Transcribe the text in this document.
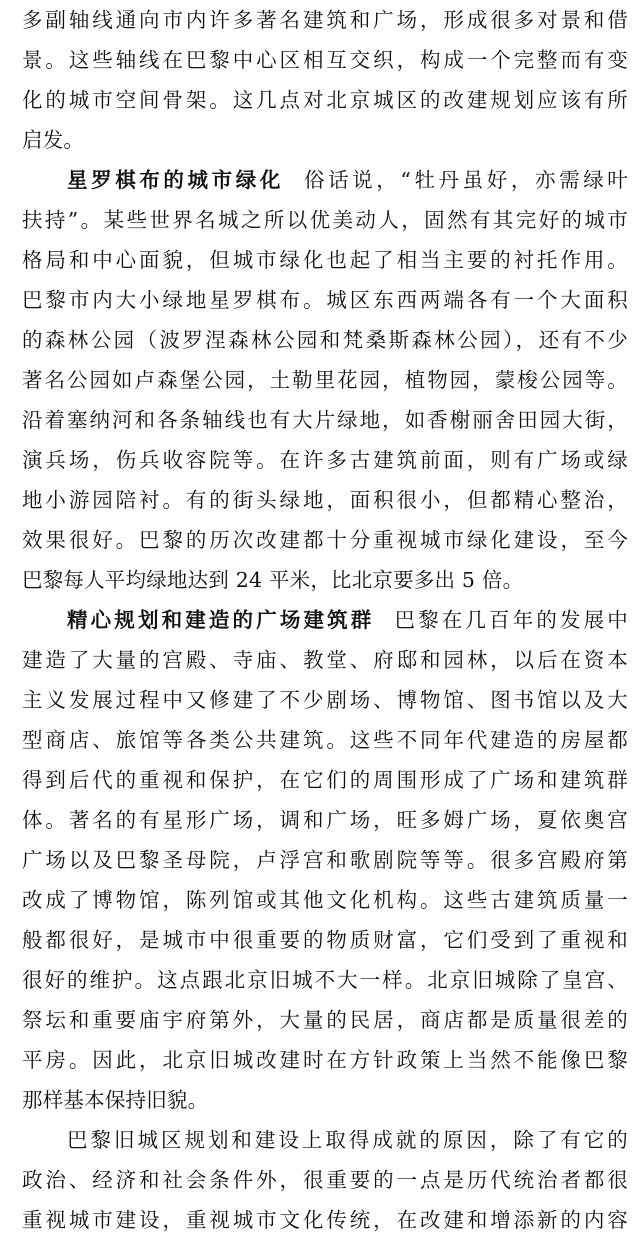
多副轴线通向市内许多著名建筑和广场，形成很多对景和借
景。这些轴线在巴黎中心区相互交织，构成一个完整而有变
化的城市空间骨架。这几点对北京城区的改建规划应该有所
启发。
星罗棋布的城市绿化 俗话说，“牡丹虽好，亦需绿叶
扶持”。某些世界名城之所以优美动人，固然有其完好的城市
格局和中心面貌，但城市绿化也起了相当主要的衬托作用。
巴黎市内大小绿地星罗棋布。城区东西两端各有一个大面积
的森林公园（波罗涅森林公园和梵桑斯森林公园），还有不少
著名公园如卢森堡公园，土勒里花园，植物园，蒙梭公园等。
沿着塞纳河和各条轴线也有大片绿地，如香榭丽舍田园大街，
演兵场，伤兵收容院等。在许多古建筑前面，则有广场或绿
地小游园陪衬。有的街头绿地，面积很小，但都精心整治，
效果很好。巴黎的历次改建都十分重视城市绿化建设，至今
巴黎每人平均绿地达到 24 平米，比北京要多出 5 倍。
精心规划和建造的广场建筑群 巴黎在几百年的发展中
建造了大量的宫殿、寺庙、教堂、府邸和园林，以后在资本
主义发展过程中又修建了不少剧场、博物馆、图书馆以及大
型商店、旅馆等各类公共建筑。这些不同年代建造的房屋都
得到后代的重视和保护，在它们的周围形成了广场和建筑群
体。著名的有星形广场，调和广场，旺多姆广场，夏依奥宫
广场以及巴黎圣母院，卢浮宫和歌剧院等等。很多宫殿府第
改成了博物馆，陈列馆或其他文化机构。这些古建筑质量一
般都很好，是城市中很重要的物质财富，它们受到了重视和
很好的维护。这点跟北京旧城不大一样。北京旧城除了皇宫、
祭坛和重要庙宇府第外，大量的民居，商店都是质量很差的
平房。因此，北京旧城改建时在方针政策上当然不能像巴黎
那样基本保持旧貌。
巴黎旧城区规划和建设上取得成就的原因，除了有它的
政治、经济和社会条件外，很重要的一点是历代统治者都很
重视城市建设，重视城市文化传统，在改建和增添新的内容
